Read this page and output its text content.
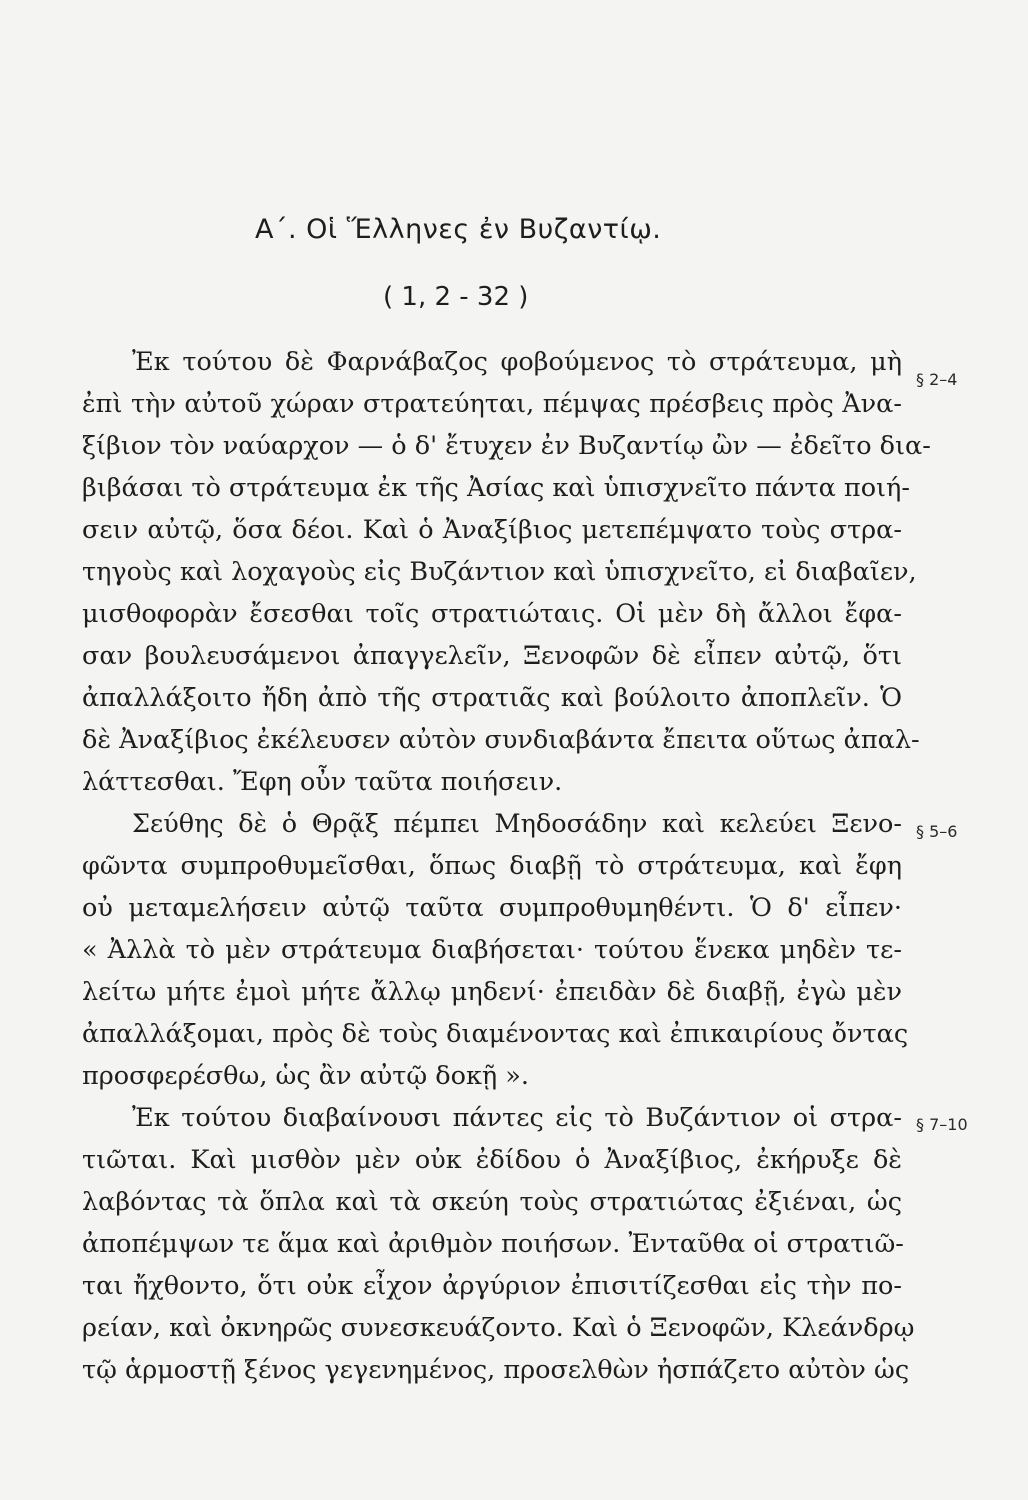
Α΄. Οἱ Ἕλληνες ἐν Βυζαντίῳ.
( 1, 2 - 32 )
§ 2–4
Ἐκ τούτου δὲ Φαρνάβαζος φοβούμενος τὸ στράτευμα, μὴ
ἐπὶ τὴν αὐτοῦ χώραν στρατεύηται, πέμψας πρέσβεις πρὸς Ἀνα-
ξίβιον τὸν ναύαρχον — ὁ δ' ἔτυχεν ἐν Βυζαντίῳ ὢν — ἐδεῖτο δια-
βιβάσαι τὸ στράτευμα ἐκ τῆς Ἀσίας καὶ ὑπισχνεῖτο πάντα ποιή-
σειν αὐτῷ, ὅσα δέοι. Καὶ ὁ Ἀναξίβιος μετεπέμψατο τοὺς στρα-
τηγοὺς καὶ λοχαγοὺς εἰς Βυζάντιον καὶ ὑπισχνεῖτο, εἰ διαβαῖεν,
μισθοφορὰν ἔσεσθαι τοῖς στρατιώταις. Οἱ μὲν δὴ ἄλλοι ἔφα-
σαν βουλευσάμενοι ἀπαγγελεῖν, Ξενοφῶν δὲ εἶπεν αὐτῷ, ὅτι
ἀπαλλάξοιτο ἤδη ἀπὸ τῆς στρατιᾶς καὶ βούλοιτο ἀποπλεῖν. Ὁ
δὲ Ἀναξίβιος ἐκέλευσεν αὐτὸν συνδιαβάντα ἔπειτα οὕτως ἀπαλ-
λάττεσθαι. Ἔφη οὖν ταῦτα ποιήσειν.
§ 5–6
Σεύθης δὲ ὁ Θρᾷξ πέμπει Μηδοσάδην καὶ κελεύει Ξενο-
φῶντα συμπροθυμεῖσθαι, ὅπως διαβῇ τὸ στράτευμα, καὶ ἔφη
οὐ μεταμελήσειν αὐτῷ ταῦτα συμπροθυμηθέντι. Ὁ δ' εἶπεν·
« Ἀλλὰ τὸ μὲν στράτευμα διαβήσεται· τούτου ἕνεκα μηδὲν τε-
λείτω μήτε ἐμοὶ μήτε ἄλλῳ μηδενί· ἐπειδὰν δὲ διαβῇ, ἐγὼ μὲν
ἀπαλλάξομαι, πρὸς δὲ τοὺς διαμένοντας καὶ ἐπικαιρίους ὄντας
προσφερέσθω, ὡς ἂν αὐτῷ δοκῇ ».
§ 7–10
Ἐκ τούτου διαβαίνουσι πάντες εἰς τὸ Βυζάντιον οἱ στρα-
τιῶται. Καὶ μισθὸν μὲν οὐκ ἐδίδου ὁ Ἀναξίβιος, ἐκήρυξε δὲ
λαβόντας τὰ ὅπλα καὶ τὰ σκεύη τοὺς στρατιώτας ἐξιέναι, ὡς
ἀποπέμψων τε ἅμα καὶ ἀριθμὸν ποιήσων. Ἐνταῦθα οἱ στρατιῶ-
ται ἤχθοντο, ὅτι οὐκ εἶχον ἀργύριον ἐπισιτίζεσθαι εἰς τὴν πο-
ρείαν, καὶ ὀκνηρῶς συνεσκευάζοντο. Καὶ ὁ Ξενοφῶν, Κλεάνδρῳ
τῷ ἁρμοστῇ ξένος γεγενημένος, προσελθὼν ἠσπάζετο αὐτὸν ὡς
